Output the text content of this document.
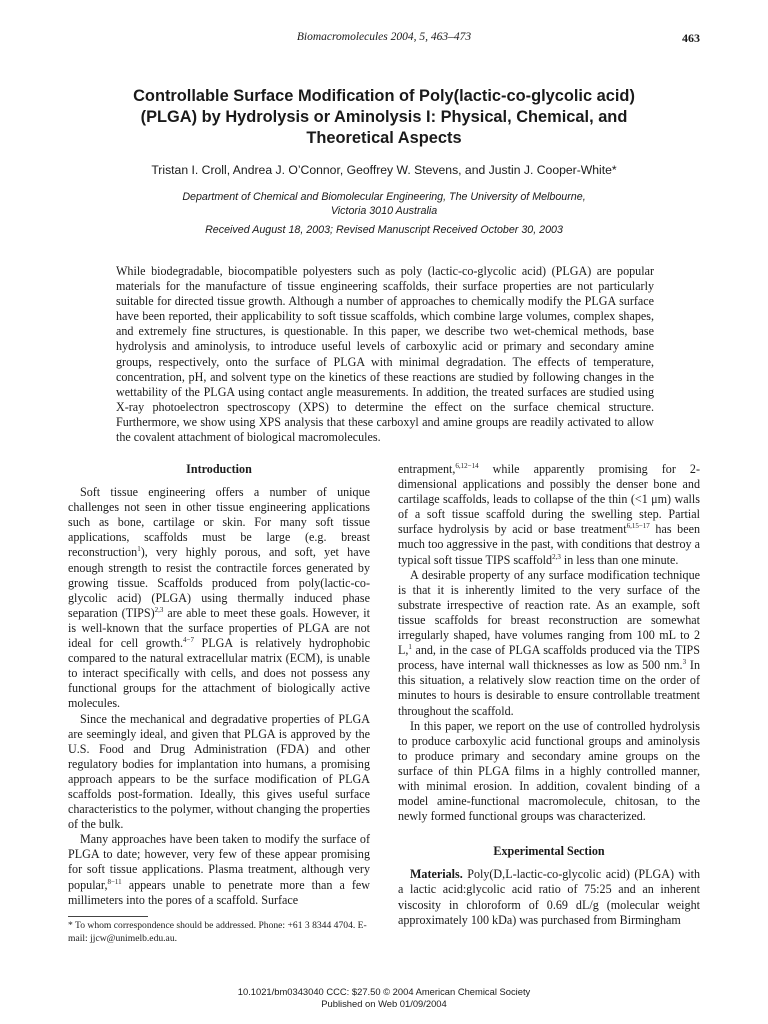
Biomacromolecules 2004, 5, 463–473	463
Controllable Surface Modification of Poly(lactic-co-glycolic acid) (PLGA) by Hydrolysis or Aminolysis I: Physical, Chemical, and Theoretical Aspects
Tristan I. Croll, Andrea J. O’Connor, Geoffrey W. Stevens, and Justin J. Cooper-White*
Department of Chemical and Biomolecular Engineering, The University of Melbourne,
Victoria 3010 Australia
Received August 18, 2003; Revised Manuscript Received October 30, 2003
While biodegradable, biocompatible polyesters such as poly (lactic-co-glycolic acid) (PLGA) are popular materials for the manufacture of tissue engineering scaffolds, their surface properties are not particularly suitable for directed tissue growth. Although a number of approaches to chemically modify the PLGA surface have been reported, their applicability to soft tissue scaffolds, which combine large volumes, complex shapes, and extremely fine structures, is questionable. In this paper, we describe two wet-chemical methods, base hydrolysis and aminolysis, to introduce useful levels of carboxylic acid or primary and secondary amine groups, respectively, onto the surface of PLGA with minimal degradation. The effects of temperature, concentration, pH, and solvent type on the kinetics of these reactions are studied by following changes in the wettability of the PLGA using contact angle measurements. In addition, the treated surfaces are studied using X-ray photoelectron spectroscopy (XPS) to determine the effect on the surface chemical structure. Furthermore, we show using XPS analysis that these carboxyl and amine groups are readily activated to allow the covalent attachment of biological macromolecules.
Introduction

Soft tissue engineering offers a number of unique challenges not seen in other tissue engineering applications such as bone, cartilage or skin. For many soft tissue applications, scaffolds must be large (e.g. breast reconstruction$^1$), very highly porous, and soft, yet have enough strength to resist the contractile forces generated by growing tissue. Scaffolds produced from poly(lactic-co-glycolic acid) (PLGA) using thermally induced phase separation (TIPS)$^{2,3}$ are able to meet these goals. However, it is well-known that the surface properties of PLGA are not ideal for cell growth.$^{4-7}$ PLGA is relatively hydrophobic compared to the natural extracellular matrix (ECM), is unable to interact specifically with cells, and does not possess any functional groups for the attachment of biologically active molecules.

Since the mechanical and degradative properties of PLGA are seemingly ideal, and given that PLGA is approved by the U.S. Food and Drug Administration (FDA) and other regulatory bodies for implantation into humans, a promising approach appears to be the surface modification of PLGA scaffolds post-formation. Ideally, this gives useful surface characteristics to the polymer, without changing the properties of the bulk.

Many approaches have been taken to modify the surface of PLGA to date; however, very few of these appear promising for soft tissue applications. Plasma treatment, although very popular,$^{8-11}$ appears unable to penetrate more than a few millimeters into the pores of a scaffold. Surface

entrapment,$^{6,12-14}$ while apparently promising for 2-dimensional applications and possibly the denser bone and cartilage scaffolds, leads to collapse of the thin (<1 μm) walls of a soft tissue scaffold during the swelling step. Partial surface hydrolysis by acid or base treatment$^{6,15-17}$ has been much too aggressive in the past, with conditions that destroy a typical soft tissue TIPS scaffold$^{2,3}$ in less than one minute.

A desirable property of any surface modification technique is that it is inherently limited to the very surface of the substrate irrespective of reaction rate. As an example, soft tissue scaffolds for breast reconstruction are somewhat irregularly shaped, have volumes ranging from 100 mL to 2 L,$^1$ and, in the case of PLGA scaffolds produced via the TIPS process, have internal wall thicknesses as low as 500 nm.$^3$ In this situation, a relatively slow reaction time on the order of minutes to hours is desirable to ensure controllable treatment throughout the scaffold.

In this paper, we report on the use of controlled hydrolysis to produce carboxylic acid functional groups and aminolysis to produce primary and secondary amine groups on the surface of thin PLGA films in a highly controlled manner, with minimal erosion. In addition, covalent binding of a model amine-functional macromolecule, chitosan, to the newly formed functional groups was characterized.

Experimental Section

Materials. Poly(D,L-lactic-co-glycolic acid) (PLGA) with a lactic acid:glycolic acid ratio of 75:25 and an inherent viscosity in chloroform of 0.69 dL/g (molecular weight approximately 100 kDa) was purchased from Birmingham

* To whom correspondence should be addressed. Phone: +61 3 8344 4704. E-mail: jjcw@unimelb.edu.au.
10.1021/bm0343040 CCC: $27.50 © 2004 American Chemical Society
Published on Web 01/09/2004
